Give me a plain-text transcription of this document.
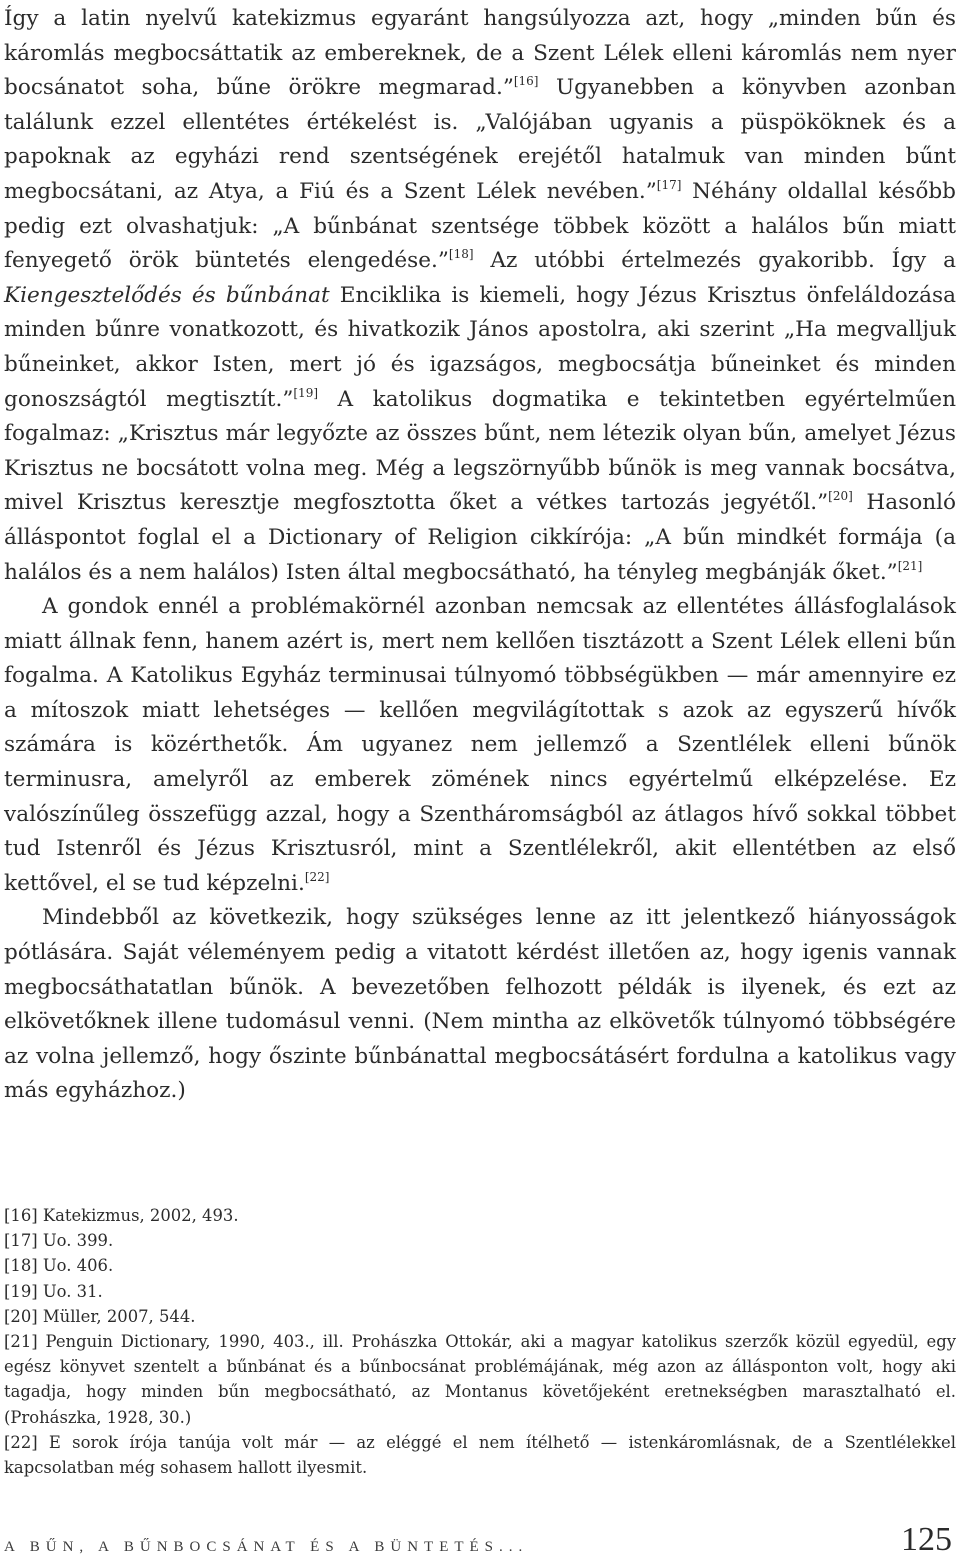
Így a latin nyelvű katekizmus egyaránt hangsúlyozza azt, hogy „minden bűn és káromlás megbocsáttatik az embereknek, de a Szent Lélek elleni káromlás nem nyer bocsánatot soha, bűne örökre megmarad.”[16] Ugyanebben a könyvben azonban találunk ezzel ellentétes értékelést is. „Valójában ugyanis a püspököknek és a papoknak az egyházi rend szentségének erejétől hatalmuk van minden bűnt megbocsátani, az Atya, a Fiú és a Szent Lélek nevében.”[17] Néhány oldallal később pedig ezt olvashatjuk: „A bűnbánat szentsége többek között a halálos bűn miatt fenyegető örök büntetés elengedése.”[18] Az utóbbi értelmezés gyakoribb. Így a Kiengesztelődés és bűnbánat Enciklika is kiemeli, hogy Jézus Krisztus önfeláldozása minden bűnre vonatkozott, és hivatkozik János apostolra, aki szerint „Ha megvalljuk bűneinket, akkor Isten, mert jó és igazságos, megbocsátja bűneinket és minden gonoszságtól megtisztít.”[19] A katolikus dogmatika e tekintetben egyértelműen fogalmaz: „Krisztus már legyőzte az összes bűnt, nem létezik olyan bűn, amelyet Jézus Krisztus ne bocsátott volna meg. Még a legszörnyűbb bűnök is meg vannak bocsátva, mivel Krisztus keresztje megfosztotta őket a vétkes tartozás jegyétől.”[20] Hasonló álláspontot foglal el a Dictionary of Religion cikkírója: „A bűn mindkét formája (a halálos és a nem halálos) Isten által megbocsátható, ha tényleg megbánják őket.”[21]

A gondok ennél a problémakörnél azonban nemcsak az ellentétes állásfoglalások miatt állnak fenn, hanem azért is, mert nem kellően tisztázott a Szent Lélek elleni bűn fogalma. A Katolikus Egyház terminusai túlnyomó többségükben — már amennyire ez a mítoszok miatt lehetséges — kellően megvilágítottak s azok az egyszerű hívők számára is közérthetők. Ám ugyanez nem jellemző a Szentlélek elleni bűnök terminusra, amelyről az emberek zömének nincs egyértelmű elképzelése. Ez valószínűleg összefügg azzal, hogy a Szentháromságból az átlagos hívő sokkal többet tud Istenről és Jézus Krisztusról, mint a Szentlélekről, akit ellentétben az első kettővel, el se tud képzelni.[22]

Mindebből az következik, hogy szükséges lenne az itt jelentkező hiányosságok pótlására. Saját véleményem pedig a vitatott kérdést illetően az, hogy igenis vannak megbocsáthatatlan bűnök. A bevezetőben felhozott példák is ilyenek, és ezt az elkövetőknek illene tudomásul venni. (Nem mintha az elkövetők túlnyomó többségére az volna jellemző, hogy őszinte bűnbánattal megbocsátásért fordulna a katolikus vagy más egyházhoz.)

[16] Katekizmus, 2002, 493.

[17] Uo. 399.

[18] Uo. 406.

[19] Uo. 31.

[20] Müller, 2007, 544.

[21] Penguin Dictionary, 1990, 403., ill. Prohászka Ottokár, aki a magyar katolikus szerzők közül egyedül, egy egész könyvet szentelt a bűnbánat és a bűnbocsánat problémájának, még azon az állásponton volt, hogy aki tagadja, hogy minden bűn megbocsátható, az Montanus követőjeként eretnekségben marasztalható el. (Prohászka, 1928, 30.)

[22] E sorok írója tanúja volt már — az eléggé el nem ítélhető — istenkáromlásnak, de a Szentlélekkel kapcsolatban még sohasem hallott ilyesmit.

A BŰN, A BŰNBOCSÁNAT ÉS A BÜNTETÉS...	125
